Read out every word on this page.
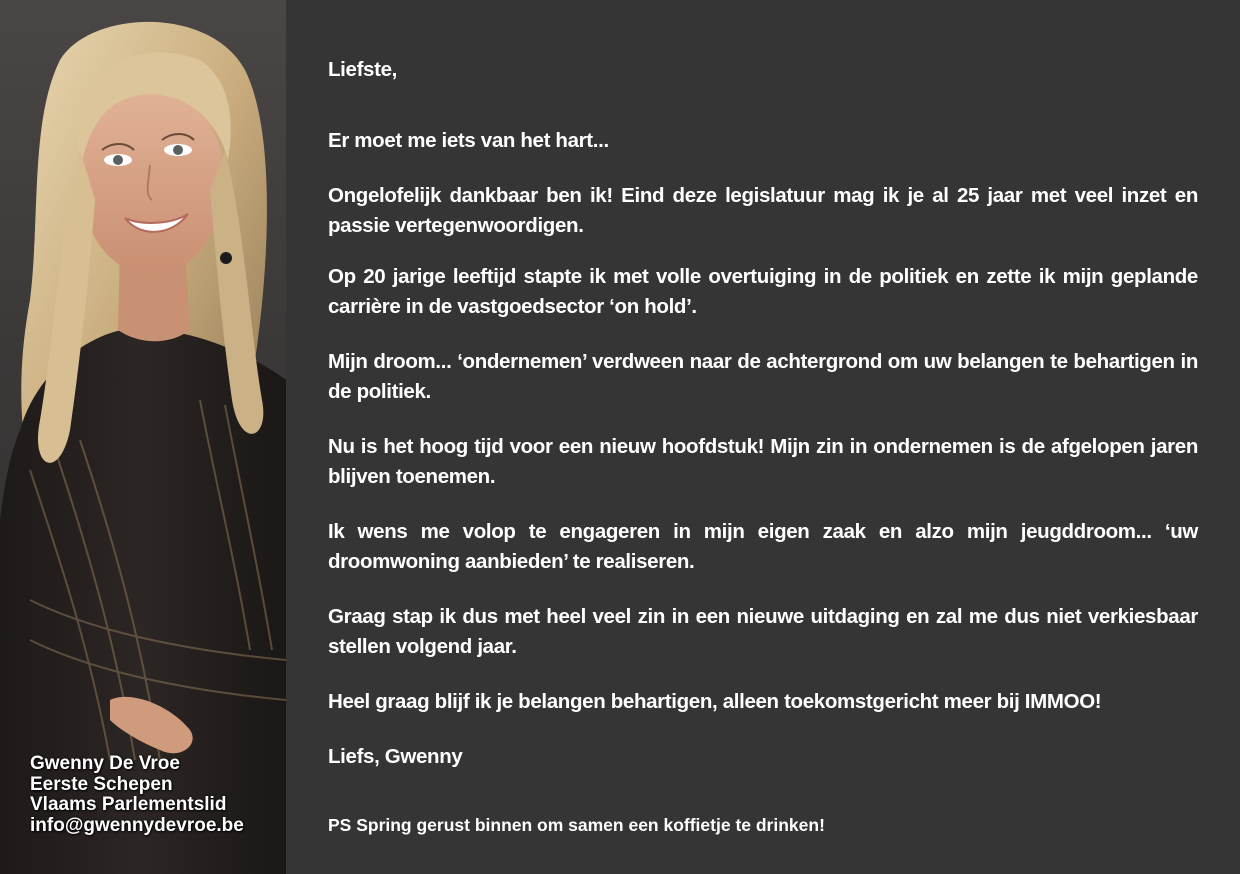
Gwenny De Vroe
Eerste Schepen
Vlaams Parlementslid
info@gwennydevroe.be

Liefste,

Er moet me iets van het hart...

Ongelofelijk dankbaar ben ik! Eind deze legislatuur mag ik je al 25 jaar met veel inzet en passie vertegenwoordigen.

Op 20 jarige leeftijd stapte ik met volle overtuiging in de politiek en zette ik mijn geplande carrière in de vastgoedsector ‘on hold’.

Mijn droom... ‘ondernemen’ verdween naar de achtergrond om uw belangen te behartigen in de politiek.

Nu is het hoog tijd voor een nieuw hoofdstuk! Mijn zin in ondernemen is de afgelopen jaren blijven toenemen.

Ik wens me volop te engageren in mijn eigen zaak en alzo mijn jeugddroom... ‘uw droomwoning aanbieden’ te realiseren.

Graag stap ik dus met heel veel zin in een nieuwe uitdaging en zal me dus niet verkiesbaar stellen volgend jaar.

Heel graag blijf ik je belangen behartigen, alleen toekomstgericht meer bij IMMOO!

Liefs, Gwenny

PS Spring gerust binnen om samen een koffietje te drinken!
